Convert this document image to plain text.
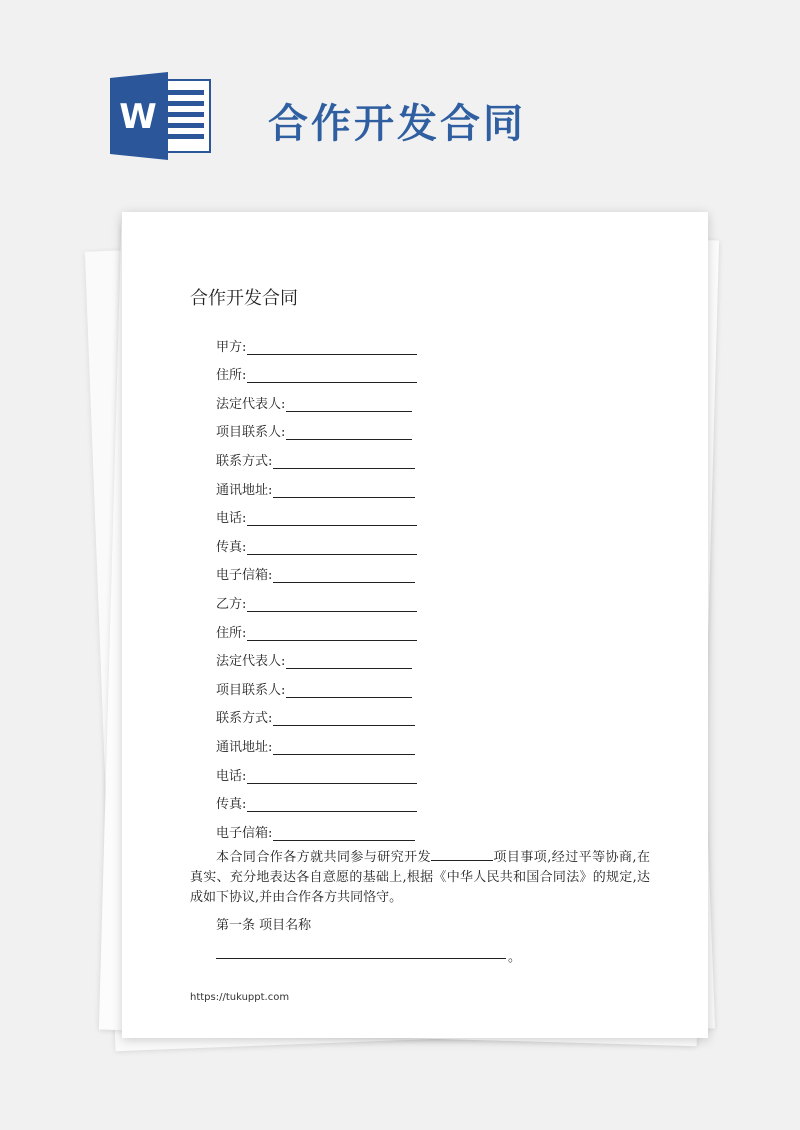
W	合作开发合同
合作开发合同
甲方:
住所:
法定代表人:
项目联系人:
联系方式:
通讯地址:
电话:
传真:
电子信箱:
乙方:
住所:
法定代表人:
项目联系人:
联系方式:
通讯地址:
电话:
传真:
电子信箱:
本合同合作各方就共同参与研究开发	项目事项,经过平等协商,在真实、充分地表达各自意愿的基础上,根据《中华人民共和国合同法》的规定,达成如下协议,并由合作各方共同恪守。
第一条 项目名称
。
https://tukuppt.com
